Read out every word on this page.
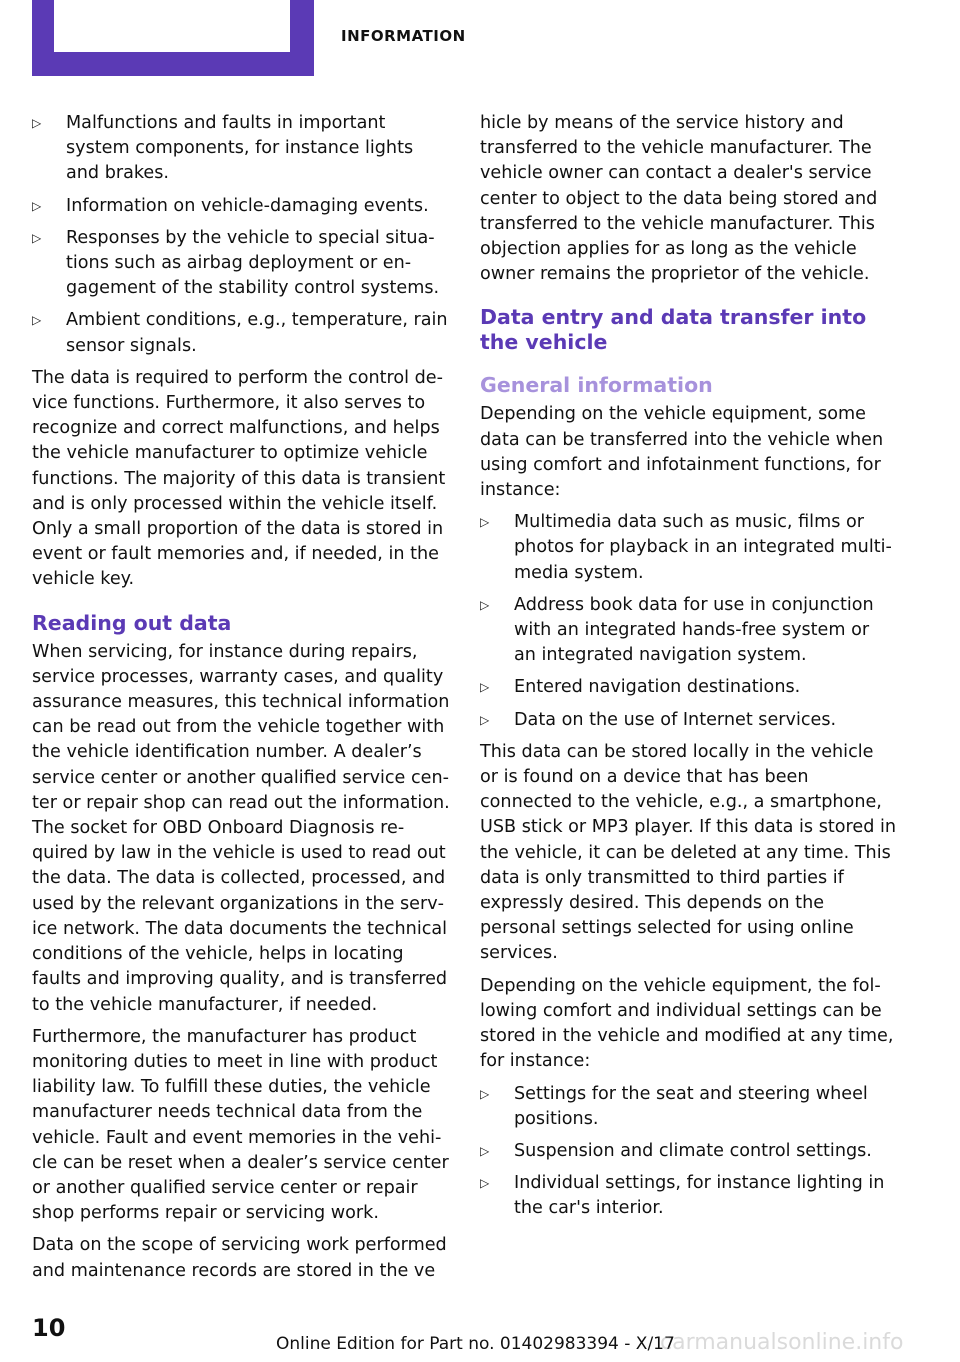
INFORMATION
▷ Malfunctions and faults in important system components, for instance lights and brakes.
▷ Information on vehicle-damaging events.
▷ Responses by the vehicle to special situations such as airbag deployment or engagement of the stability control systems.
▷ Ambient conditions, e.g., temperature, rain sensor signals.

The data is required to perform the control device functions. Furthermore, it also serves to recognize and correct malfunctions, and helps the vehicle manufacturer to optimize vehicle functions. The majority of this data is transient and is only processed within the vehicle itself. Only a small proportion of the data is stored in event or fault memories and, if needed, in the vehicle key.

Reading out data

When servicing, for instance during repairs, service processes, warranty cases, and quality assurance measures, this technical information can be read out from the vehicle together with the vehicle identification number. A dealer’s service center or another qualified service center or repair shop can read out the information. The socket for OBD Onboard Diagnosis required by law in the vehicle is used to read out the data. The data is collected, processed, and used by the relevant organizations in the service network. The data documents the technical conditions of the vehicle, helps in locating faults and improving quality, and is transferred to the vehicle manufacturer, if needed.

Furthermore, the manufacturer has product monitoring duties to meet in line with product liability law. To fulfill these duties, the vehicle manufacturer needs technical data from the vehicle. Fault and event memories in the vehicle can be reset when a dealer’s service center or another qualified service center or repair shop performs repair or servicing work.

Data on the scope of servicing work performed and maintenance records are stored in the ve

hicle by means of the service history and transferred to the vehicle manufacturer. The vehicle owner can contact a dealer's service center to object to the data being stored and transferred to the vehicle manufacturer. This objection applies for as long as the vehicle owner remains the proprietor of the vehicle.

Data entry and data transfer into the vehicle
General information

Depending on the vehicle equipment, some data can be transferred into the vehicle when using comfort and infotainment functions, for instance:

▷ Multimedia data such as music, films or photos for playback in an integrated multimedia system.
▷ Address book data for use in conjunction with an integrated hands-free system or an integrated navigation system.
▷ Entered navigation destinations.
▷ Data on the use of Internet services.

This data can be stored locally in the vehicle or is found on a device that has been connected to the vehicle, e.g., a smartphone, USB stick or MP3 player. If this data is stored in the vehicle, it can be deleted at any time. This data is only transmitted to third parties if expressly desired. This depends on the personal settings selected for using online services.

Depending on the vehicle equipment, the following comfort and individual settings can be stored in the vehicle and modified at any time, for instance:

▷ Settings for the seat and steering wheel positions.
▷ Suspension and climate control settings.
▷ Individual settings, for instance lighting in the car's interior.
10
Online Edition for Part no. 01402983394 - X/17
carmanualsonline.info
